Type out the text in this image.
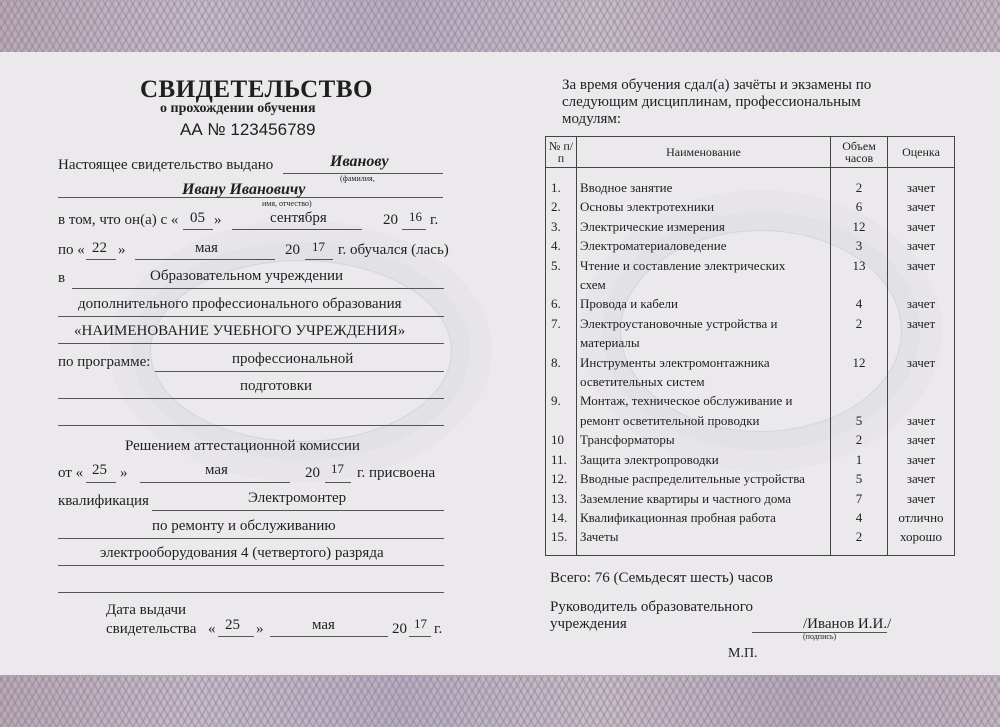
СВИДЕТЕЛЬСТВО
о прохождении обучения
АА № 123456789
Настоящее свидетельство выдано	Иванову
(фамилия,
Ивану Ивановичу
имя, отчество)
в том, что он(а) с « 05 »	сентября	20 16 г.
по « 22 »	мая	20 17 г. обучался (лась)
в	Образовательном учреждении
дополнительного профессионального образования
«НАИМЕНОВАНИЕ УЧЕБНОГО УЧРЕЖДЕНИЯ»
по программе:	профессиональной
подготовки
Решением аттестационной комиссии
от « 25 »	мая	20 17 г. присвоена
квалификация	Электромонтер
по ремонту и обслуживанию
электрооборудования 4 (четвертого) разряда
Дата выдачи
свидетельства « 25 »	мая	20 17 г.
За время обучения сдал(а) зачёты и экзамены по
следующим дисциплинам, профессиональным
модулям:
№ п/п	Наименование	Объем часов	Оценка
1.	Вводное занятие	2	зачет
2.	Основы электротехники	6	зачет
3.	Электрические измерения	12	зачет
4.	Электроматериаловедение	3	зачет
5.	Чтение и составление электрических
схем	13	зачет
6.	Провода и кабели	4	зачет
7.	Электроустановочные устройства и
материалы	2	зачет
8.	Инструменты электромонтажника
осветительных систем	12	зачет
9.	Монтаж, техническое обслуживание и
ремонт осветительной проводки	5	зачет
10	Трансформаторы	2	зачет
11.	Защита электропроводки	1	зачет
12.	Вводные распределительные устройства	5	зачет
13.	Заземление квартиры и частного дома	7	зачет
14.	Квалификационная пробная работа	4	отлично
15.	Зачеты	2	хорошо
Всего: 76 (Семьдесят шесть) часов
Руководитель образовательного
учреждения	/Иванов И.И./
(подпись)
М.П.
